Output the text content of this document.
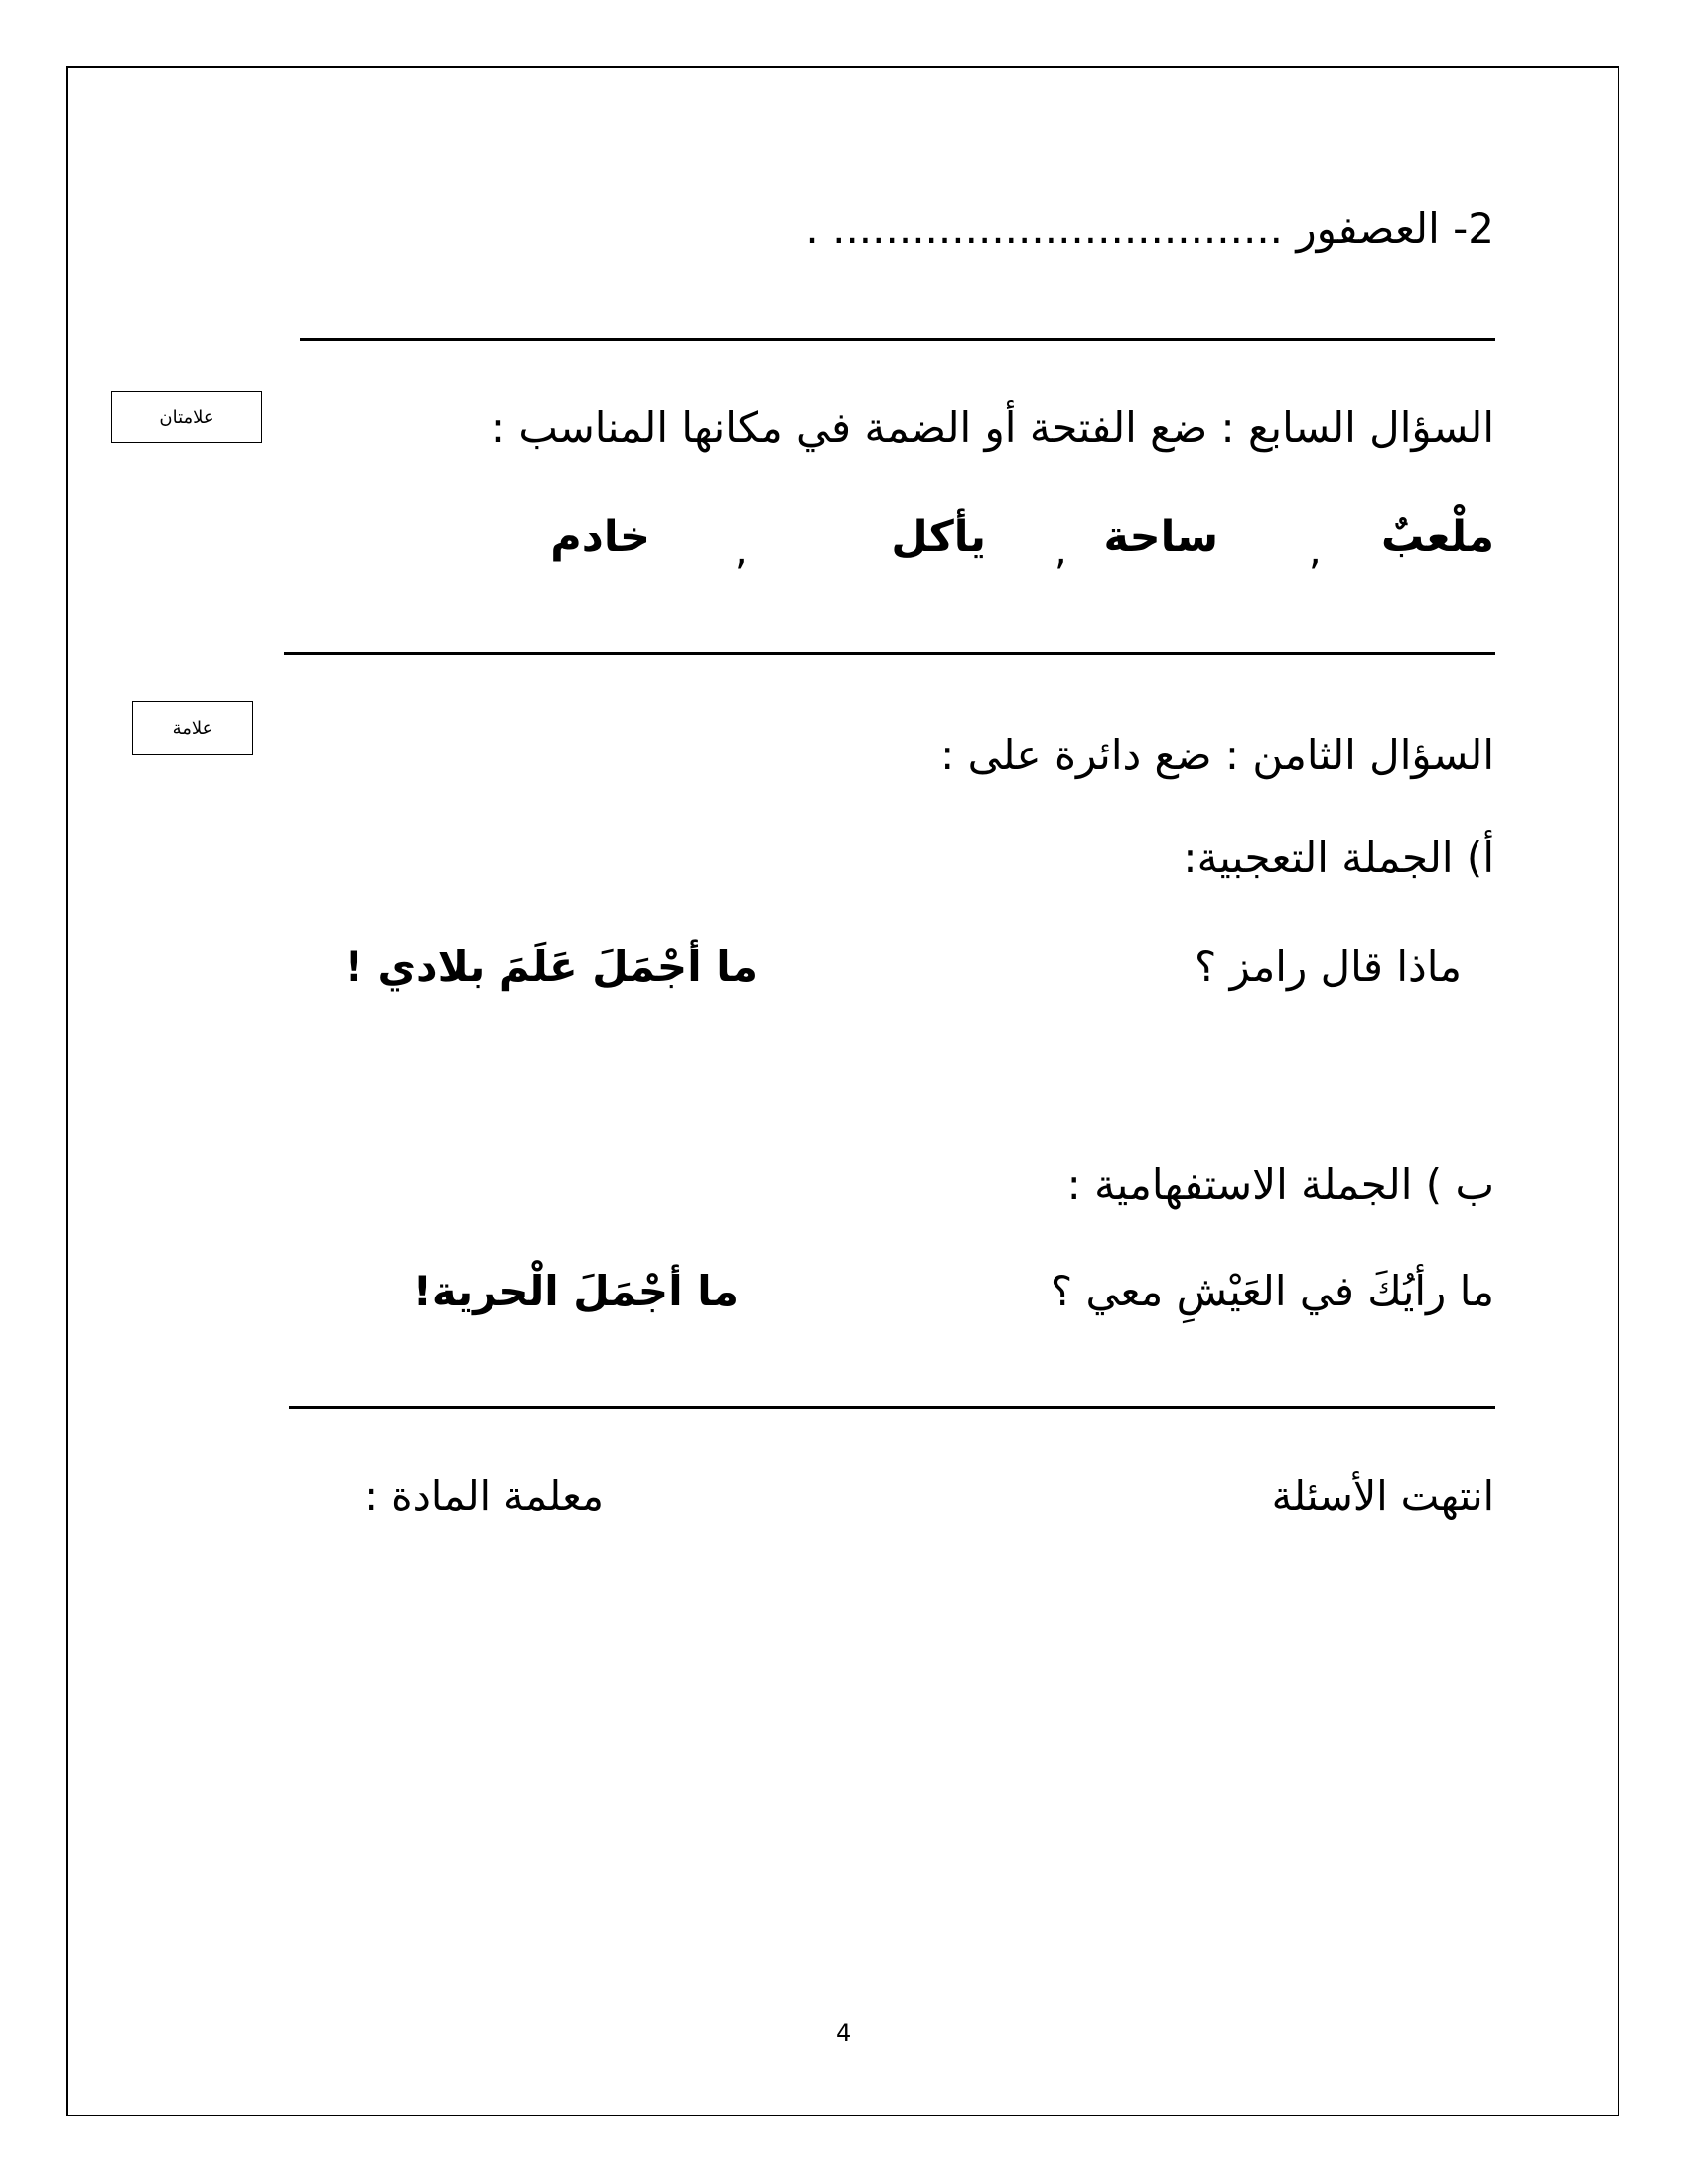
2- العصفور .................................. .
علامتان	السؤال السابع : ضع الفتحة أو الضمة في مكانها المناسب :
ملْعبٌ
,
ساحة
,
يأكل
,
خادم
علامة
السؤال الثامن : ضع دائرة على :
أ) الجملة التعجبية:
ماذا قال رامز ؟
ما أجْمَلَ عَلَمَ بلادي !
ب ) الجملة الاستفهامية :
ما رأيُكَ في العَيْشِ معي ؟
ما أجْمَلَ الْحرية!
انتهت الأسئلة
معلمة المادة :
4
